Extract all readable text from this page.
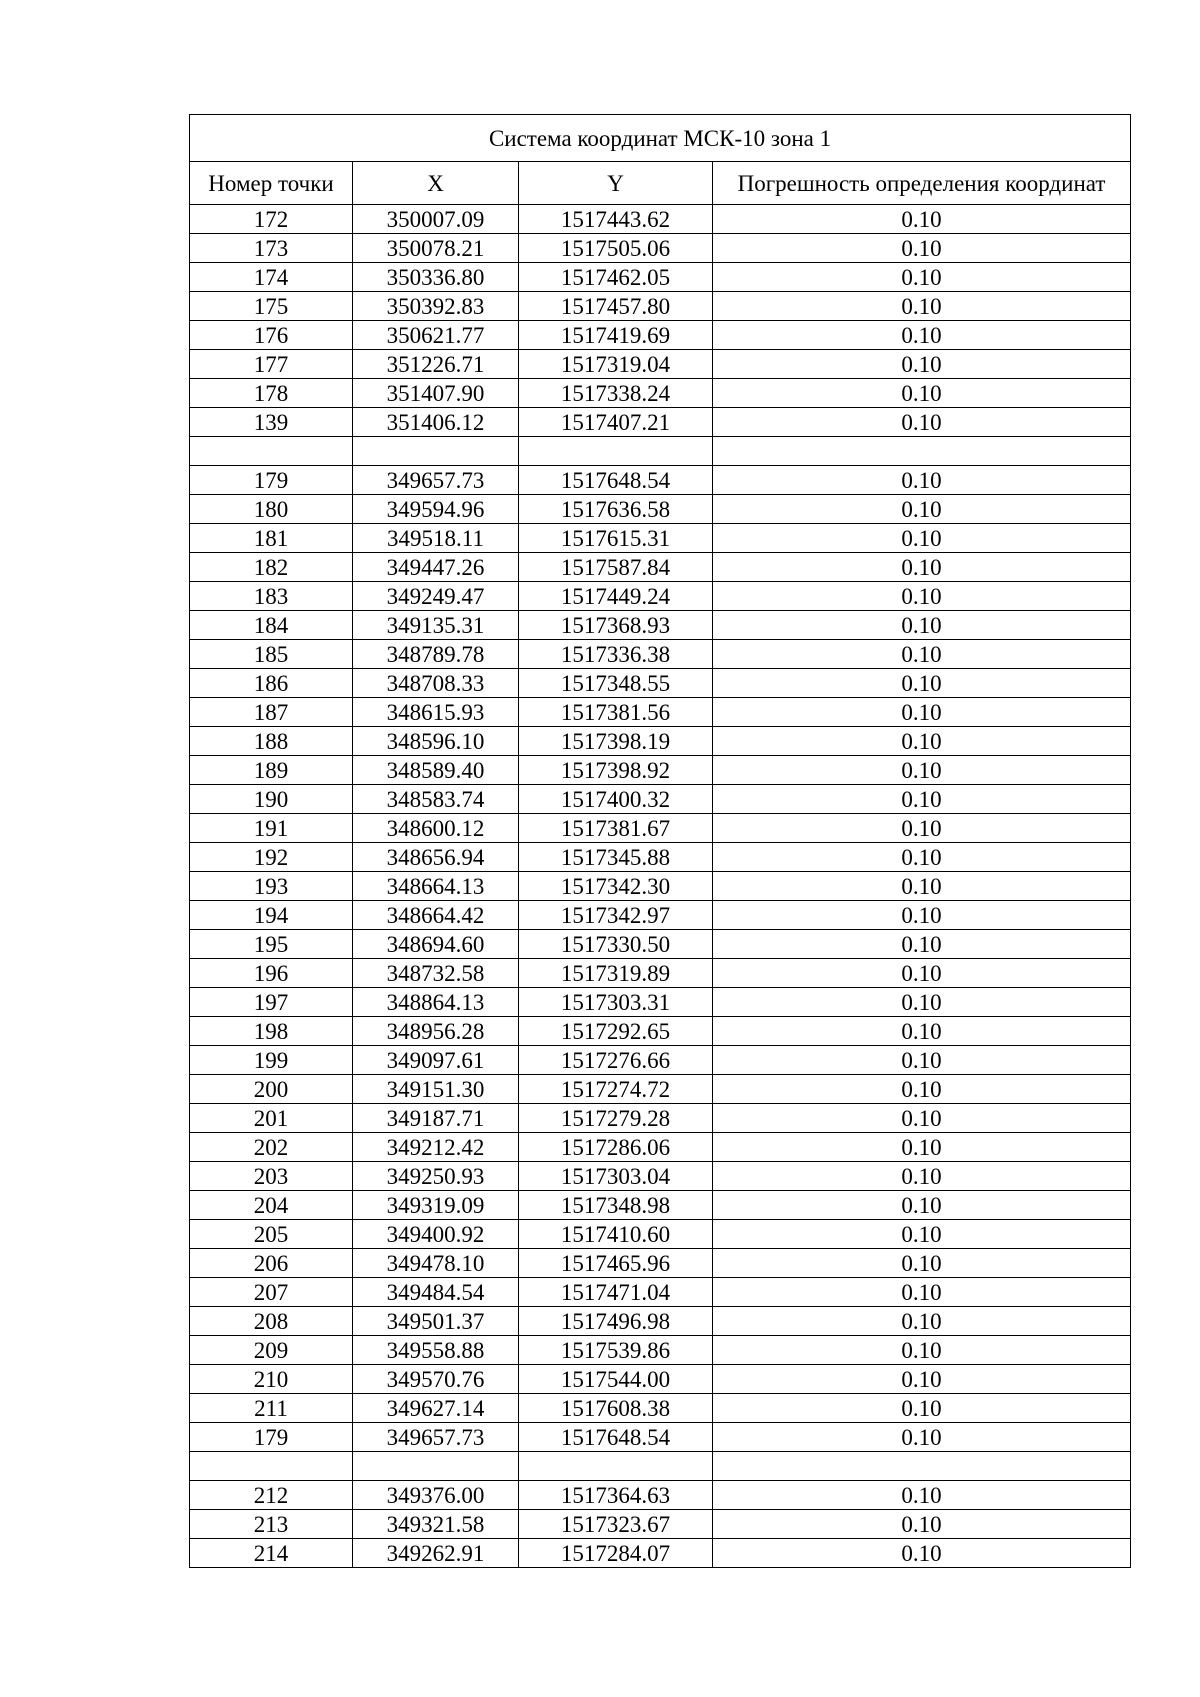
Система координат МСК-10 зона 1			
Номер точки	X	Y	Погрешность определения координат
172	350007.09	1517443.62	0.10
173	350078.21	1517505.06	0.10
174	350336.80	1517462.05	0.10
175	350392.83	1517457.80	0.10
176	350621.77	1517419.69	0.10
177	351226.71	1517319.04	0.10
178	351407.90	1517338.24	0.10
139	351406.12	1517407.21	0.10

179	349657.73	1517648.54	0.10
180	349594.96	1517636.58	0.10
181	349518.11	1517615.31	0.10
182	349447.26	1517587.84	0.10
183	349249.47	1517449.24	0.10
184	349135.31	1517368.93	0.10
185	348789.78	1517336.38	0.10
186	348708.33	1517348.55	0.10
187	348615.93	1517381.56	0.10
188	348596.10	1517398.19	0.10
189	348589.40	1517398.92	0.10
190	348583.74	1517400.32	0.10
191	348600.12	1517381.67	0.10
192	348656.94	1517345.88	0.10
193	348664.13	1517342.30	0.10
194	348664.42	1517342.97	0.10
195	348694.60	1517330.50	0.10
196	348732.58	1517319.89	0.10
197	348864.13	1517303.31	0.10
198	348956.28	1517292.65	0.10
199	349097.61	1517276.66	0.10
200	349151.30	1517274.72	0.10
201	349187.71	1517279.28	0.10
202	349212.42	1517286.06	0.10
203	349250.93	1517303.04	0.10
204	349319.09	1517348.98	0.10
205	349400.92	1517410.60	0.10
206	349478.10	1517465.96	0.10
207	349484.54	1517471.04	0.10
208	349501.37	1517496.98	0.10
209	349558.88	1517539.86	0.10
210	349570.76	1517544.00	0.10
211	349627.14	1517608.38	0.10
179	349657.73	1517648.54	0.10

212	349376.00	1517364.63	0.10
213	349321.58	1517323.67	0.10
214	349262.91	1517284.07	0.10
